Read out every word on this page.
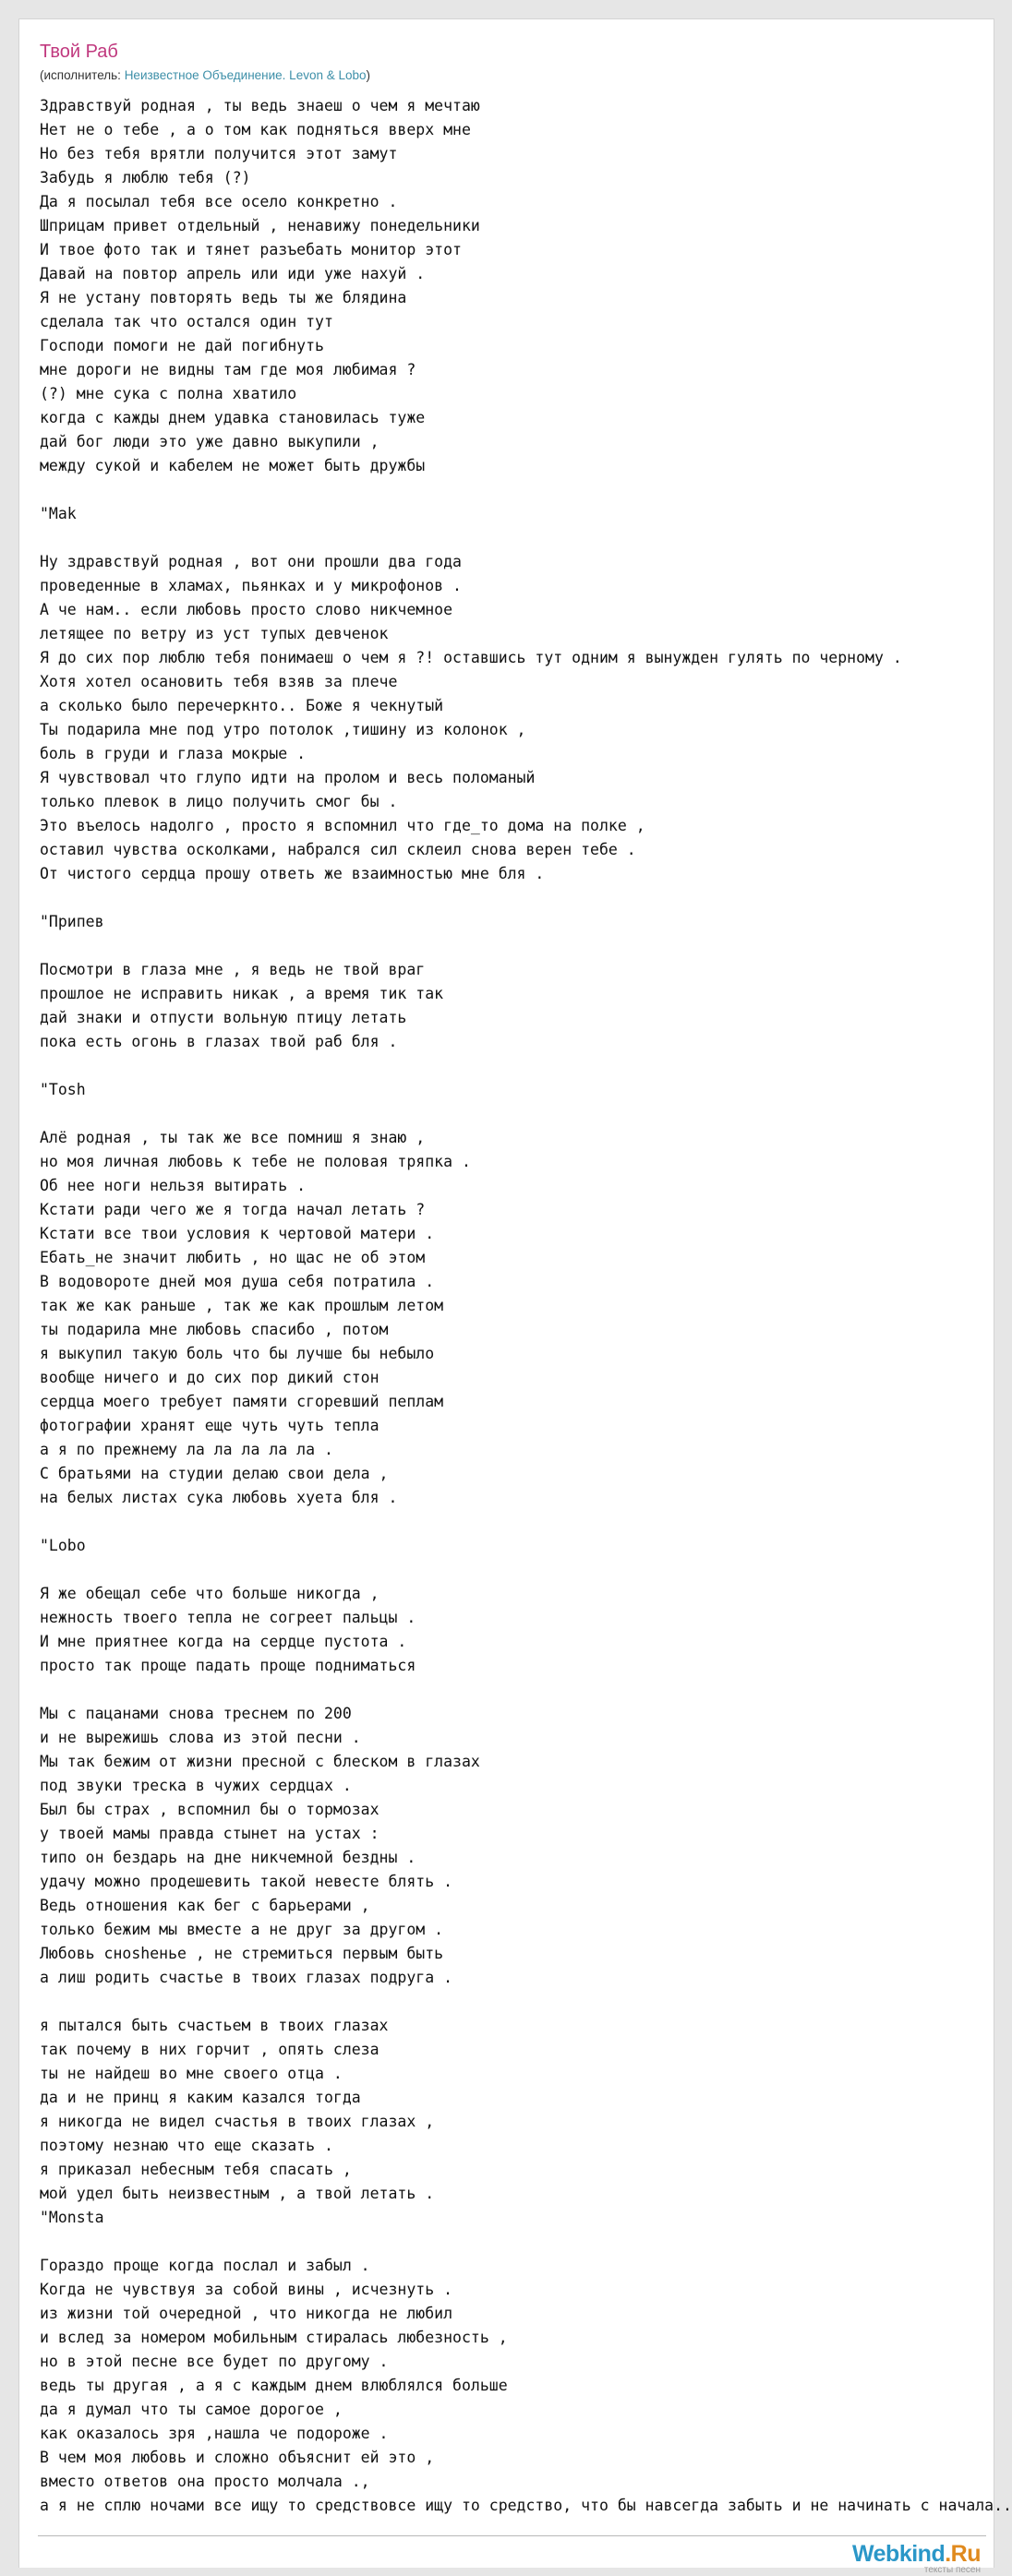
Твой Раб
(исполнитель: Неизвестное Объединение. Levon & Lobo)
Здравствуй родная , ты ведь знаеш о чем я мечтаю
Нет не о тебе , а о том как подняться вверх мне
Но без тебя врятли получится этот замут
Забудь я люблю тебя (?)
Да я посылал тебя все осело конкретно .
Шприцам привет отдельный , ненавижу понедельники
И твое фото так и тянет разъебать монитор этот
Давай на повтор апрель или иди уже нахуй .
Я не устану повторять ведь ты же блядина
сделала так что остался один тут
Господи помоги не дай погибнуть
мне дороги не видны там где моя любимая ?
(?) мне сука с полна хватило
когда с кажды днем удавка становилась туже
дай бог люди это уже давно выкупили ,
между сукой и кабелем не может быть дружбы

"Mak

Ну здравствуй родная , вот они прошли два года
проведенные в хламах, пьянках и у микрофонов .
А че нам.. если любовь просто слово никчемное
летящее по ветру из уст тупых девченок
Я до сих пор люблю тебя понимаеш о чем я ?! оставшись тут одним я вынужден гулять по черному .
Хотя хотел осановить тебя взяв за плече
а сколько было перечеркнто.. Боже я чекнутый
Ты подарила мне под утро потолок ,тишину из колонок ,
боль в груди и глаза мокрые .
Я чувствовал что глупо идти на пролом и весь поломаный
только плевок в лицо получить смог бы .
Это въелось надолго , просто я вспомнил что где_то дома на полке ,
оставил чувства осколками, набрался сил склеил снова верен тебе .
От чистого сердца прошу ответь же взаимностью мне бля .

"Припев

Посмотри в глаза мне , я ведь не твой враг
прошлое не исправить никак , а время тик так
дай знаки и отпусти вольную птицу летать
пока есть огонь в глазах твой раб бля .

"Tosh

Алё родная , ты так же все помниш я знаю ,
но моя личная любовь к тебе не половая тряпка .
Об нее ноги нельзя вытирать .
Кстати ради чего же я тогда начал летать ?
Кстати все твои условия к чертовой матери .
Ебать_не значит любить , но щас не об этом
В водовороте дней моя душа себя потратила .
так же как раньше , так же как прошлым летом
ты подарила мне любовь спасибо , потом
я выкупил такую боль что бы лучше бы небыло
вообще ничего и до сих пор дикий стон
сердца моего требует памяти сгоревший пеплам
фотографии хранят еще чуть чуть тепла
а я по прежнему ла ла ла ла ла .
С братьями на студии делаю свои дела ,
на белых листах сука любовь хуета бля .

"Lobo

Я же обещал себе что больше никогда ,
нежность твоего тепла не согреет пальцы .
И мне приятнее когда на сердце пустота .
просто так проще падать проще подниматься

Мы с пацанами снова треснем по 200
и не вырежишь слова из этой песни .
Мы так бежим от жизни пресной с блеском в глазах
под звуки треска в чужих сердцах .
Был бы страх , вспомнил бы о тормозах
у твоей мамы правда стынет на устах :
типо он бездарь на дне никчемной бездны .
удачу можно продешевить такой невесте блять .
Ведь отношения как бег с барьерами ,
только бежим мы вместе а не друг за другом .
Любовь сноshенье , не стремиться первым быть
а лиш родить счастье в твоих глазах подруга .

я пытался быть счастьем в твоих глазах
так почему в них горчит , опять слеза
ты не найдеш во мне своего отца .
да и не принц я каким казался тогда
я никогда не видел счастья в твоих глазах ,
поэтому незнаю что еще сказать .
я приказал небесным тебя спасать ,
мой удел быть неизвестным , а твой летать .
"Monsta

Гораздо проще когда послал и забыл .
Когда не чувствуя за собой вины , исчезнуть .
из жизни той очередной , что никогда не любил
и вслед за номером мобильным стиралась любезность ,
но в этой песне все будет по другому .
ведь ты другая , а я с каждым днем влюблялся больше
да я думал что ты самое дорогое ,
как оказалось зря ,нашла че подороже .
В чем моя любовь и сложно объяснит ей это ,
вместо ответов она просто молчала .,
а я не сплю ночами все ищу то средствовсе ищу то средство, что бы навсегда забыть и не начинать с начала..
Webkind.Ru
тексты песен
